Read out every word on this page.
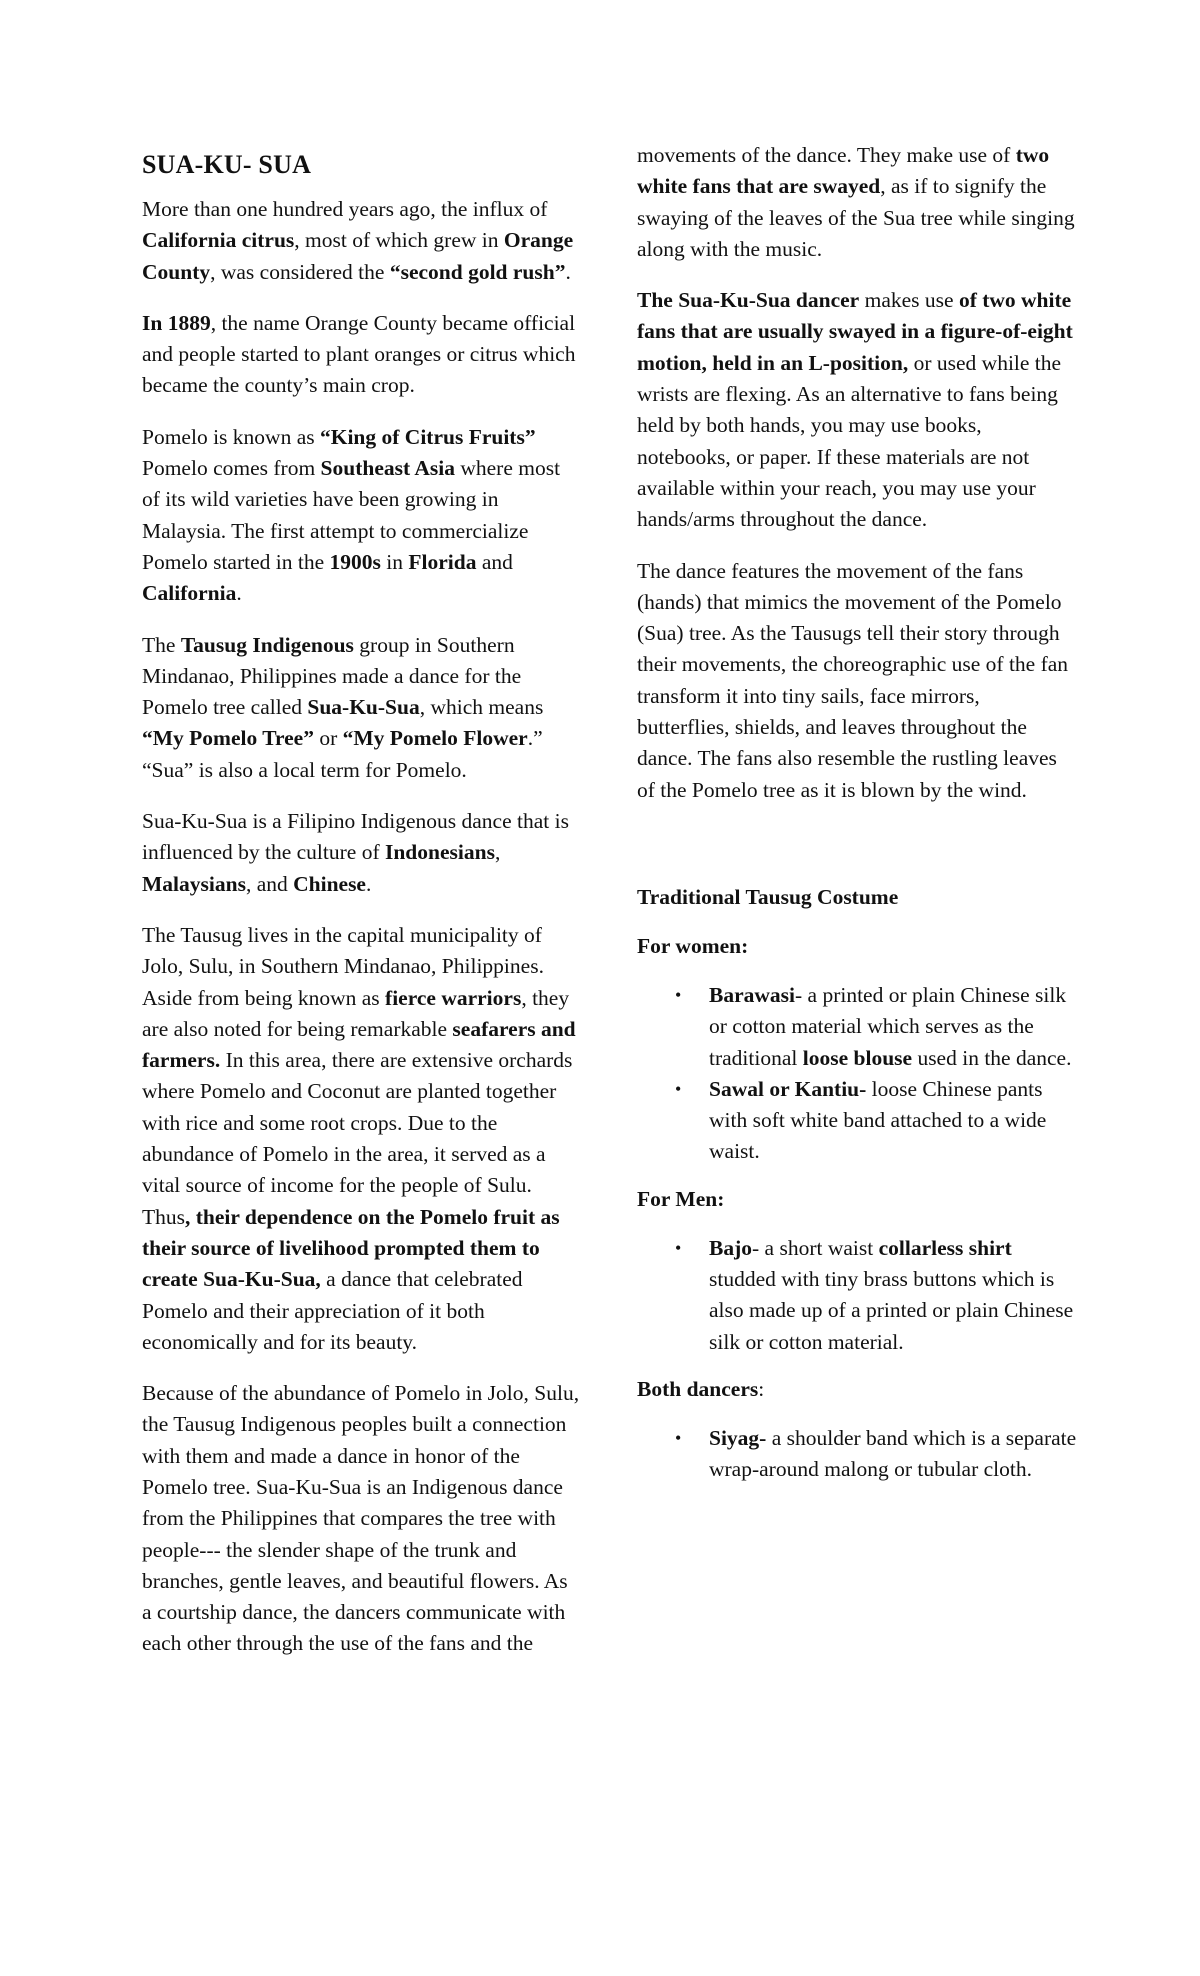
SUA-KU- SUA

More than one hundred years ago, the influx of California citrus, most of which grew in Orange County, was considered the “second gold rush”.

In 1889, the name Orange County became official and people started to plant oranges or citrus which became the county’s main crop.

Pomelo is known as “King of Citrus Fruits” Pomelo comes from Southeast Asia where most of its wild varieties have been growing in Malaysia. The first attempt to commercialize Pomelo started in the 1900s in Florida and California.

The Tausug Indigenous group in Southern Mindanao, Philippines made a dance for the Pomelo tree called Sua-Ku-Sua, which means “My Pomelo Tree” or “My Pomelo Flower.” “Sua” is also a local term for Pomelo.

Sua-Ku-Sua is a Filipino Indigenous dance that is influenced by the culture of Indonesians, Malaysians, and Chinese.

The Tausug lives in the capital municipality of Jolo, Sulu, in Southern Mindanao, Philippines. Aside from being known as fierce warriors, they are also noted for being remarkable seafarers and farmers. In this area, there are extensive orchards where Pomelo and Coconut are planted together with rice and some root crops. Due to the abundance of Pomelo in the area, it served as a vital source of income for the people of Sulu. Thus, their dependence on the Pomelo fruit as their source of livelihood prompted them to create Sua-Ku-Sua, a dance that celebrated Pomelo and their appreciation of it both economically and for its beauty.

Because of the abundance of Pomelo in Jolo, Sulu, the Tausug Indigenous peoples built a connection with them and made a dance in honor of the Pomelo tree. Sua-Ku-Sua is an Indigenous dance from the Philippines that compares the tree with people--- the slender shape of the trunk and branches, gentle leaves, and beautiful flowers. As a courtship dance, the dancers communicate with each other through the use of the fans and the

movements of the dance. They make use of two white fans that are swayed, as if to signify the swaying of the leaves of the Sua tree while singing along with the music.

The Sua-Ku-Sua dancer makes use of two white fans that are usually swayed in a figure-of-eight motion, held in an L-position, or used while the wrists are flexing. As an alternative to fans being held by both hands, you may use books, notebooks, or paper. If these materials are not available within your reach, you may use your hands/arms throughout the dance.

The dance features the movement of the fans (hands) that mimics the movement of the Pomelo (Sua) tree. As the Tausugs tell their story through their movements, the choreographic use of the fan transform it into tiny sails, face mirrors, butterflies, shields, and leaves throughout the dance. The fans also resemble the rustling leaves of the Pomelo tree as it is blown by the wind.

Traditional Tausug Costume
For women:
• Barawasi- a printed or plain Chinese silk or cotton material which serves as the traditional loose blouse used in the dance.
• Sawal or Kantiu- loose Chinese pants with soft white band attached to a wide waist.
For Men:
• Bajo- a short waist collarless shirt studded with tiny brass buttons which is also made up of a printed or plain Chinese silk or cotton material.
Both dancers:
• Siyag- a shoulder band which is a separate wrap-around malong or tubular cloth.
